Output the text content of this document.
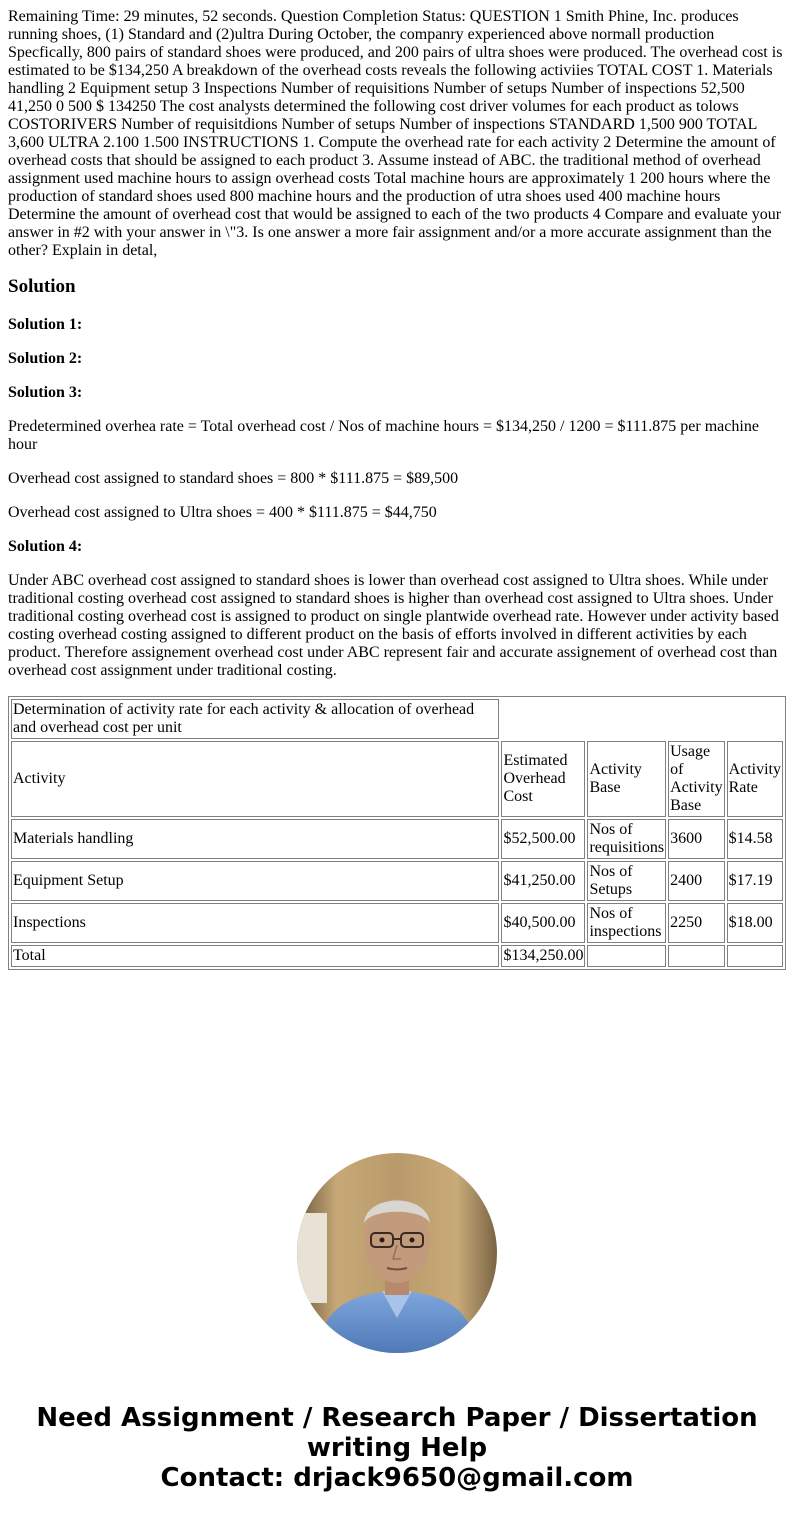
Remaining Time: 29 minutes, 52 seconds. Question Completion Status: QUESTION 1 Smith Phine, Inc. produces running shoes, (1) Standard and (2)ultra During October, the companry experienced above normall production Specfically, 800 pairs of standard shoes were produced, and 200 pairs of ultra shoes were produced. The overhead cost is estimated to be $134,250 A breakdown of the overhead costs reveals the following activiies TOTAL COST 1. Materials handling 2 Equipment setup 3 Inspections Number of requisitions Number of setups Number of inspections 52,500 41,250 0 500 $ 134250 The cost analysts determined the following cost driver volumes for each product as tolows COSTORIVERS Number of requisitdions Number of setups Number of inspections STANDARD 1,500 900 TOTAL 3,600 ULTRA 2.100 1.500 INSTRUCTIONS 1. Compute the overhead rate for each activity 2 Determine the amount of overhead costs that should be assigned to each product 3. Assume instead of ABC. the traditional method of overhead assignment used machine hours to assign overhead costs Total machine hours are approximately 1 200 hours where the production of standard shoes used 800 machine hours and the production of utra shoes used 400 machine hours Determine the amount of overhead cost that would be assigned to each of the two products 4 Compare and evaluate your answer in #2 with your answer in \"3. Is one answer a more fair assignment and/or a more accurate assignment than the other? Explain in detal,
Solution

Solution 1:

Solution 2:

Solution 3:

Predetermined overhea rate = Total overhead cost / Nos of machine hours = $134,250 / 1200 = $111.875 per machine hour

Overhead cost assigned to standard shoes = 800 * $111.875 = $89,500

Overhead cost assigned to Ultra shoes = 400 * $111.875 = $44,750

Solution 4:

Under ABC overhead cost assigned to standard shoes is lower than overhead cost assigned to Ultra shoes. While under traditional costing overhead cost assigned to standard shoes is higher than overhead cost assigned to Ultra shoes. Under traditional costing overhead cost is assigned to product on single plantwide overhead rate. However under activity based costing overhead costing assigned to different product on the basis of efforts involved in different activities by each product. Therefore assignement overhead cost under ABC represent fair and accurate assignement of overhead cost than overhead cost assignment under traditional costing.

Determination of activity rate for each activity & allocation of overhead and overhead cost per unit				
Activity	Estimated Overhead Cost	Activity Base	Usage of Activity Base	Activity Rate
Materials handling	$52,500.00	Nos of requisitions	3600	$14.58
Equipment Setup	$41,250.00	Nos of Setups	2400	$17.19
Inspections	$40,500.00	Nos of inspections	2250	$18.00
Total	$134,250.00			
Need Assignment / Research Paper / Dissertation
writing Help
Contact: drjack9650@gmail.com
